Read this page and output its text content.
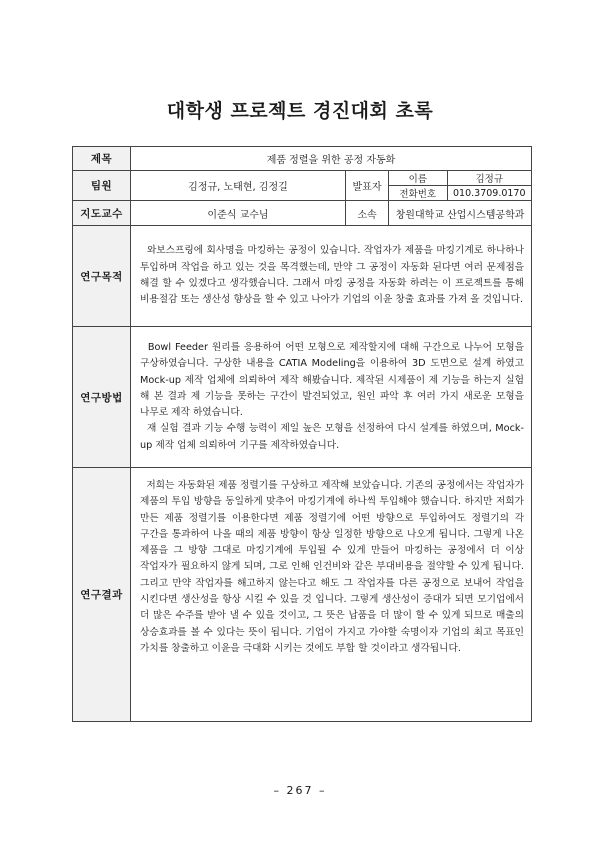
대학생 프로젝트 경진대회 초록
제목	제품 정렬을 위한 공정 자동화
팀원	김정규, 노태현, 김정길	발표자	
이름	김정규
전화번호	010.3709.0170

지도교수	이준식 교수님	소속	창원대학교 산업시스템공학과
연구목적	
와보스프링에 회사명을 마킹하는 공정이 있습니다. 작업자가 제품을 마킹기계로 하나하나 투입하며 작업을 하고 있는 것을 목격했는데, 만약 그 공정이 자동화 된다면 여러 문제점을 해결 할 수 있겠다고 생각했습니다. 그래서 마킹 공정을 자동화 하려는 이 프로젝트를 통해 비용절감 또는 생산성 향상을 할 수 있고 나아가 기업의 이윤 창출 효과를 가져 올 것입니다.

연구방법	
Bowl Feeder 원리를 응용하여 어떤 모형으로 제작할지에 대해 구간으로 나누어 모형을 구상하였습니다. 구상한 내용을 CATIA Modeling을 이용하여 3D 도면으로 설계 하였고 Mock-up 제작 업체에 의뢰하여 제작 해봤습니다. 제작된 시제품이 제 기능을 하는지 실험 해 본 결과 제 기능을 못하는 구간이 발견되었고, 원인 파악 후 여러 가지 새로운 모형을 나무로 제작 하였습니다.
재 실험 결과 기능 수행 능력이 제일 높은 모형을 선정하여 다시 설계를 하였으며, Mock-up 제작 업체 의뢰하여 기구를 제작하였습니다.

연구결과	
저희는 자동화된 제품 정렬기를 구상하고 제작해 보았습니다. 기존의 공정에서는 작업자가 제품의 투입 방향을 동일하게 맞추어 마킹기계에 하나씩 투입해야 했습니다. 하지만 저희가 만든 제품 정렬기를 이용한다면 제품 정렬기에 어떤 방향으로 투입하여도 정렬기의 각 구간을 통과하여 나올 때의 제품 방향이 항상 일정한 방향으로 나오게 됩니다. 그렇게 나온 제품을 그 방향 그대로 마킹기계에 투입될 수 있게 만들어 마킹하는 공정에서 더 이상 작업자가 필요하지 않게 되며, 그로 인해 인건비와 같은 부대비용을 절약할 수 있게 됩니다. 그리고 만약 작업자를 해고하지 않는다고 해도 그 작업자를 다른 공정으로 보내어 작업을 시킨다면 생산성을 항상 시킬 수 있을 것 입니다. 그렇게 생산성이 증대가 되면 모기업에서 더 많은 수주를 받아 낼 수 있을 것이고, 그 뜻은 납품을 더 많이 할 수 있게 되므로 매출의 상승효과를 볼 수 있다는 뜻이 됩니다. 기업이 가지고 가야할 숙명이자 기업의 최고 목표인 가치를 창출하고 이윤을 극대화 시키는 것에도 부합 할 것이라고 생각됩니다.
– 267 –
